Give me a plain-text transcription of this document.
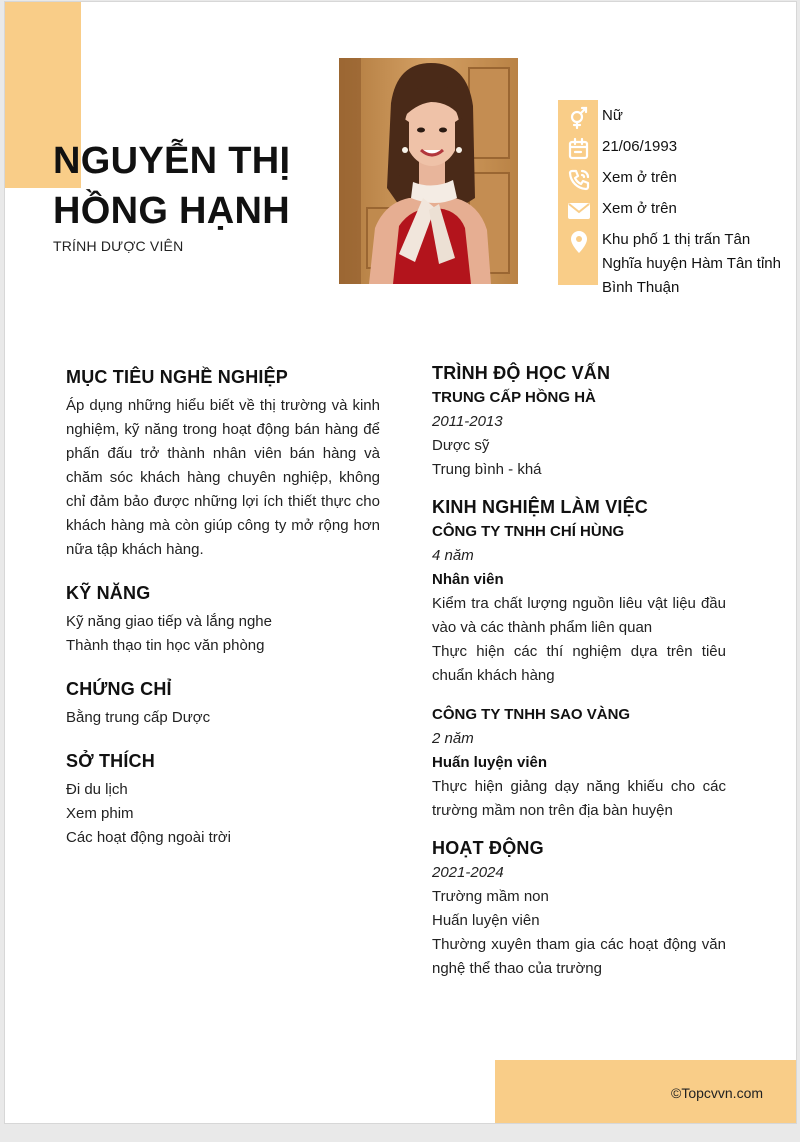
NGUYỄN THỊ
HỒNG HẠNH
TRÍNH DƯỢC VIÊN
Nữ
21/06/1993
Xem ở trên
Xem ở trên
Khu phố 1 thị trấn Tân Nghĩa huyện Hàm Tân tỉnh Bình Thuận
MỤC TIÊU NGHỀ NGHIỆP
Áp dụng những hiểu biết về thị trường và kinh nghiệm, kỹ năng trong hoạt động bán hàng để phấn đấu trở thành nhân viên bán hàng và chăm sóc khách hàng chuyên nghiệp, không chỉ đảm bảo được những lợi ích thiết thực cho khách hàng mà còn giúp công ty mở rộng hơn nữa tập khách hàng.
KỸ NĂNG
Kỹ năng giao tiếp và lắng nghe
Thành thạo tin học văn phòng
CHỨNG CHỈ
Bằng trung cấp Dược
SỞ THÍCH
Đi du lịch
Xem phim
Các hoạt động ngoài trời
TRÌNH ĐỘ HỌC VẤN
TRUNG CẤP HỒNG HÀ
2011-2013
Dược sỹ
Trung bình - khá
KINH NGHIỆM LÀM VIỆC
CÔNG TY TNHH CHÍ HÙNG
4 năm
Nhân viên
Kiểm tra chất lượng nguồn liêu vật liệu đầu vào và các thành phẩm liên quan
Thực hiện các thí nghiệm dựa trên tiêu chuẩn khách hàng
CÔNG TY TNHH SAO VÀNG
2 năm
Huấn luyện viên
Thực hiện giảng dạy năng khiếu cho các trường mầm non trên địa bàn huyện
HOẠT ĐỘNG
2021-2024
Trường mầm non
Huấn luyện viên
Thường xuyên tham gia các hoạt động văn nghệ thể thao của trường
©Topcvvn.com
